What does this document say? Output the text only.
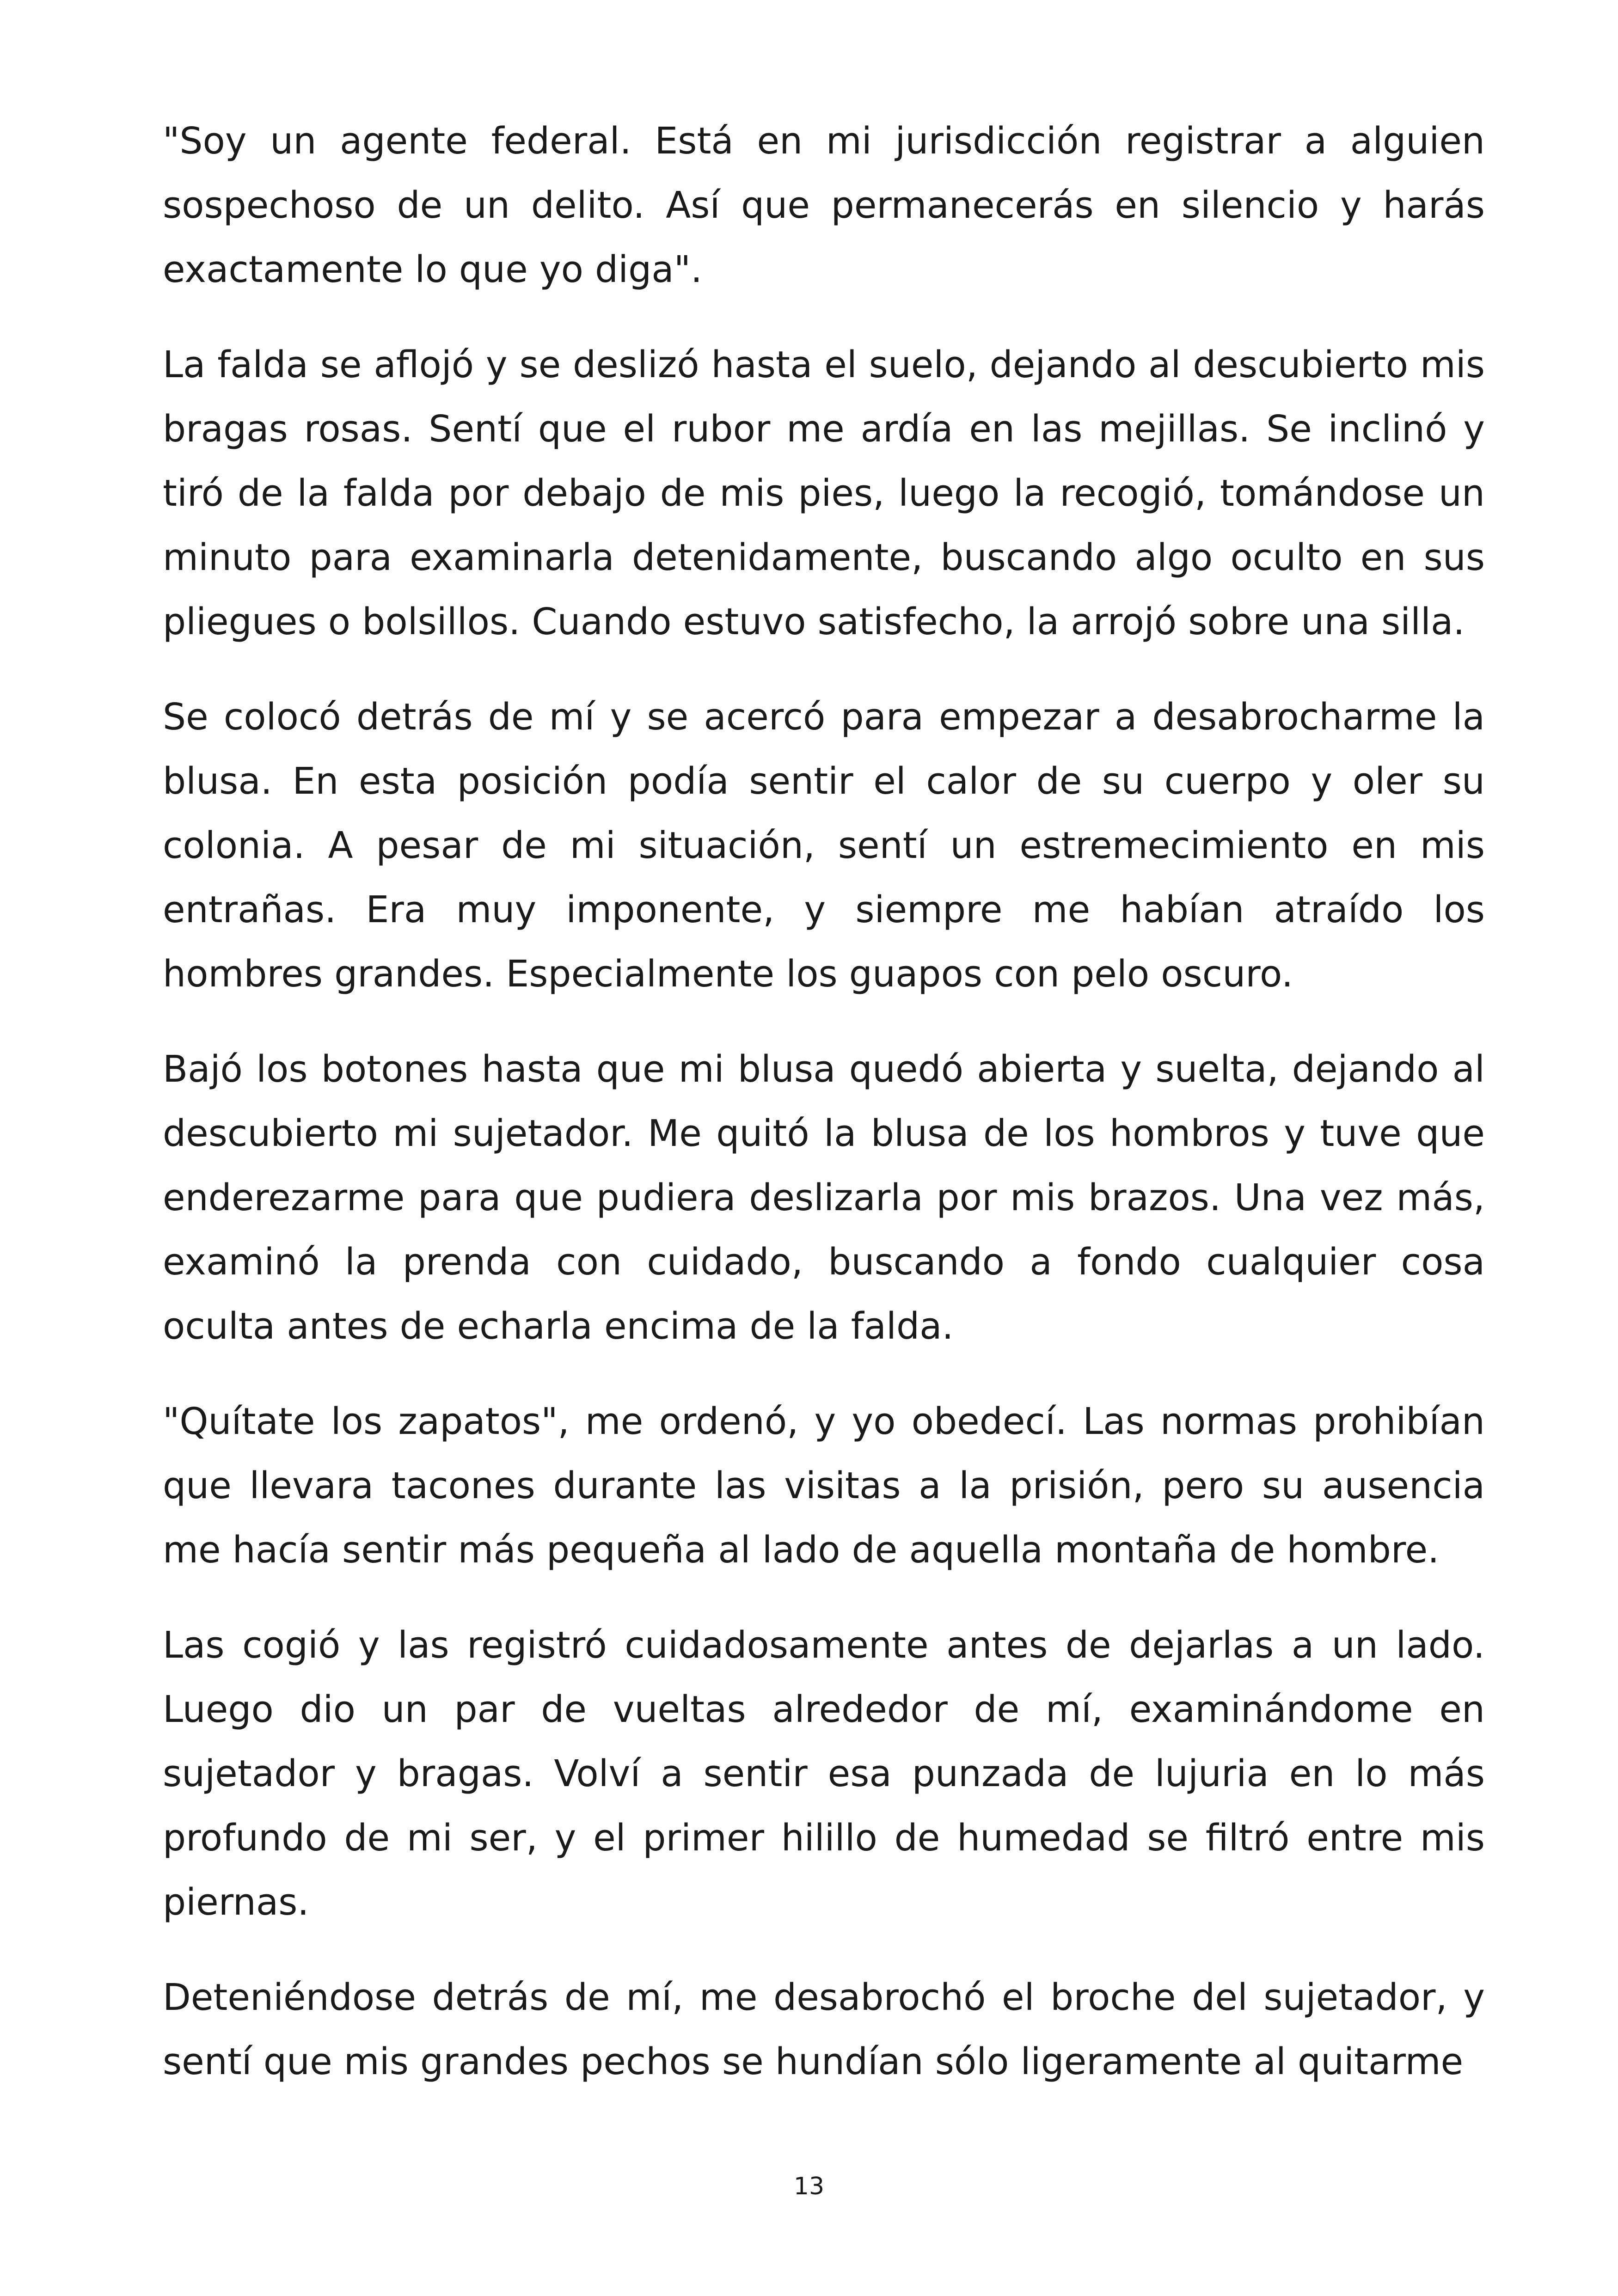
"Soy un agente federal. Está en mi jurisdicción registrar a alguien sospechoso de un delito. Así que permanecerás en silencio y harás exactamente lo que yo diga".

La falda se aflojó y se deslizó hasta el suelo, dejando al descubierto mis bragas rosas. Sentí que el rubor me ardía en las mejillas. Se inclinó y tiró de la falda por debajo de mis pies, luego la recogió, tomándose un minuto para examinarla detenidamente, buscando algo oculto en sus pliegues o bolsillos. Cuando estuvo satisfecho, la arrojó sobre una silla.

Se colocó detrás de mí y se acercó para empezar a desabrocharme la blusa. En esta posición podía sentir el calor de su cuerpo y oler su colonia. A pesar de mi situación, sentí un estremecimiento en mis entrañas. Era muy imponente, y siempre me habían atraído los hombres grandes. Especialmente los guapos con pelo oscuro.

Bajó los botones hasta que mi blusa quedó abierta y suelta, dejando al descubierto mi sujetador. Me quitó la blusa de los hombros y tuve que enderezarme para que pudiera deslizarla por mis brazos. Una vez más, examinó la prenda con cuidado, buscando a fondo cualquier cosa oculta antes de echarla encima de la falda.

"Quítate los zapatos", me ordenó, y yo obedecí. Las normas prohibían que llevara tacones durante las visitas a la prisión, pero su ausencia me hacía sentir más pequeña al lado de aquella montaña de hombre.

Las cogió y las registró cuidadosamente antes de dejarlas a un lado. Luego dio un par de vueltas alrededor de mí, examinándome en sujetador y bragas. Volví a sentir esa punzada de lujuria en lo más profundo de mi ser, y el primer hilillo de humedad se filtró entre mis piernas.

Deteniéndose detrás de mí, me desabrochó el broche del sujetador, y sentí que mis grandes pechos se hundían sólo ligeramente al quitarme

13
